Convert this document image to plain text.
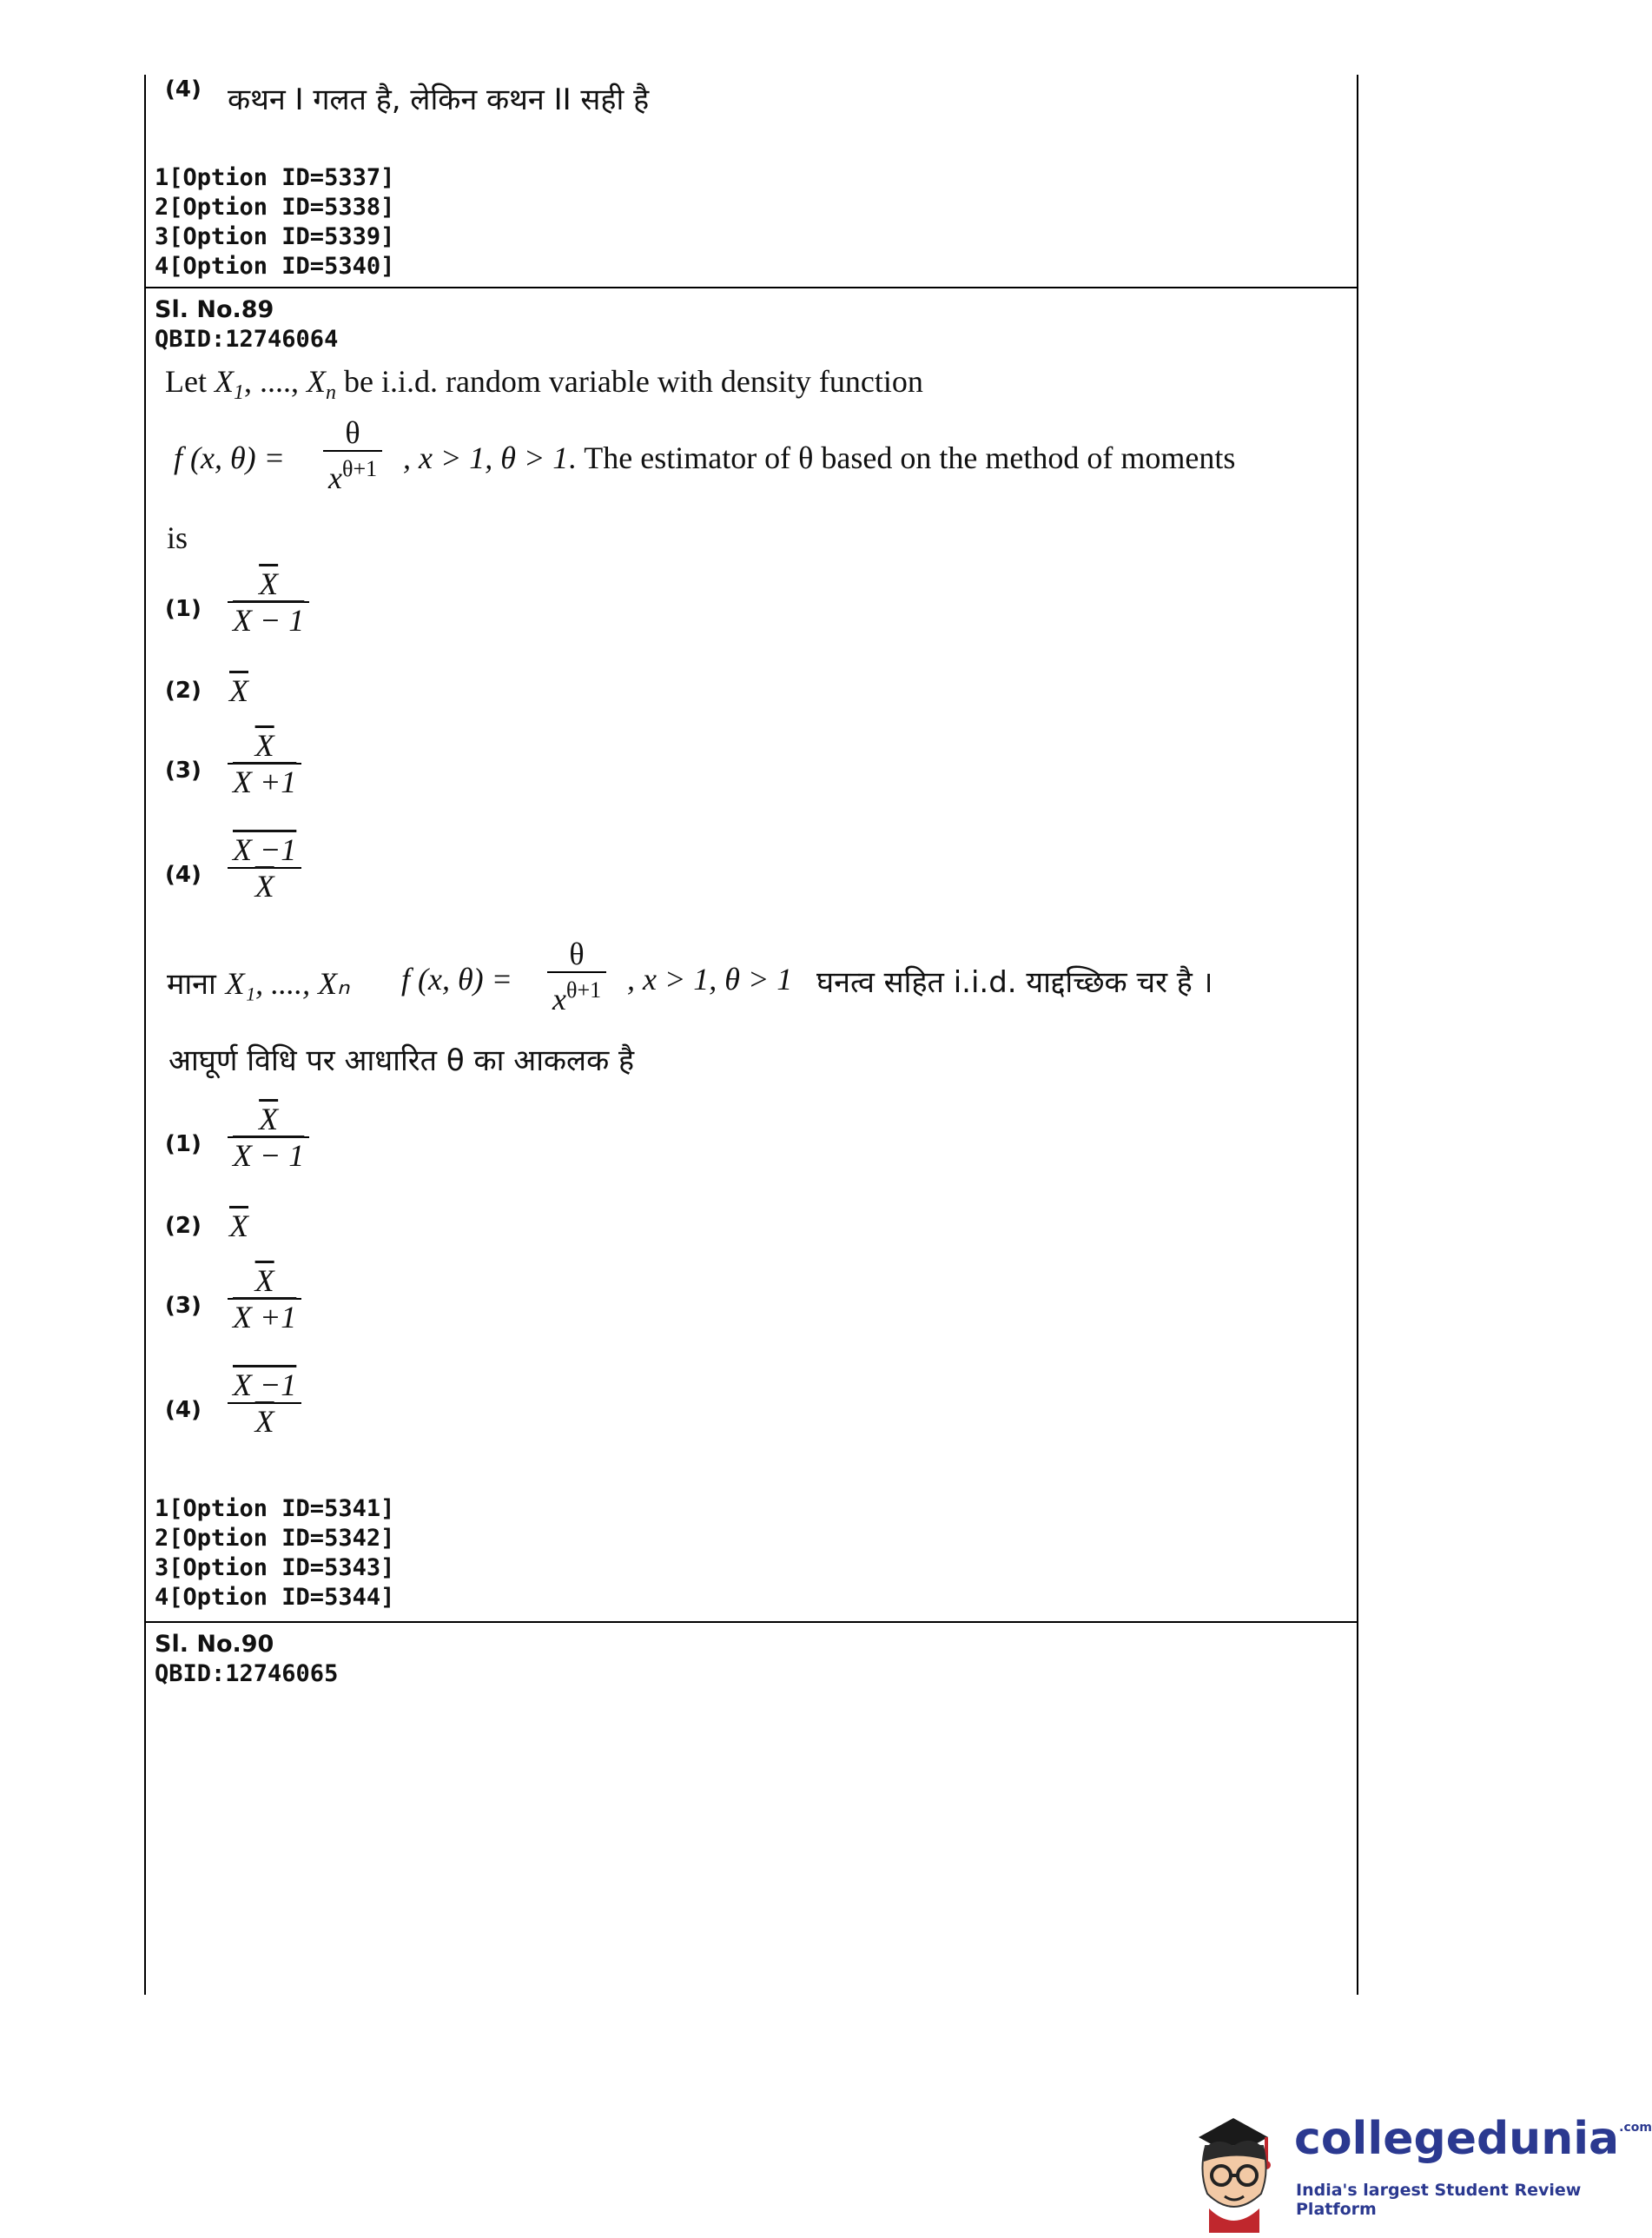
(4) कथन I गलत है, लेकिन कथन II सही है
1[Option ID=5337]
2[Option ID=5338]
3[Option ID=5339]
4[Option ID=5340]
Sl. No.89
QBID:12746064
Let $X_1$, ...., $X_n$ be i.i.d. random variable with density function
f (x, θ) =
θ
$x^{\theta+1}$ , x > 1, θ > 1. The estimator of θ based on the method of moments
is
$(1) \frac{\overline{X}}{X - 1}$
(2) $\overline{X}$
$(3) \frac{\overline{X}}{X +1}$
$(4) \frac{X -1}{X}$
माना X₁, ...., Xₙ f (x, θ) =
θ
$x^{\theta+1}$ , x > 1, θ > 1 घनत्व सहित i.i.d. याद्दच्छिक चर है ।
आघूर्ण विधि पर आधारित θ का आकलक है
$(1) \frac{\overline{X}}{X - 1}$
(2) $\overline{X}$
$(3) \frac{\overline{X}}{X +1}$
$(4) \frac{X -1}{X}$
1[Option ID=5341]
2[Option ID=5342]
3[Option ID=5343]
4[Option ID=5344]
Sl. No.90
QBID:12746065
collegedunia$^{.com}$
India's largest Student Review Platform
